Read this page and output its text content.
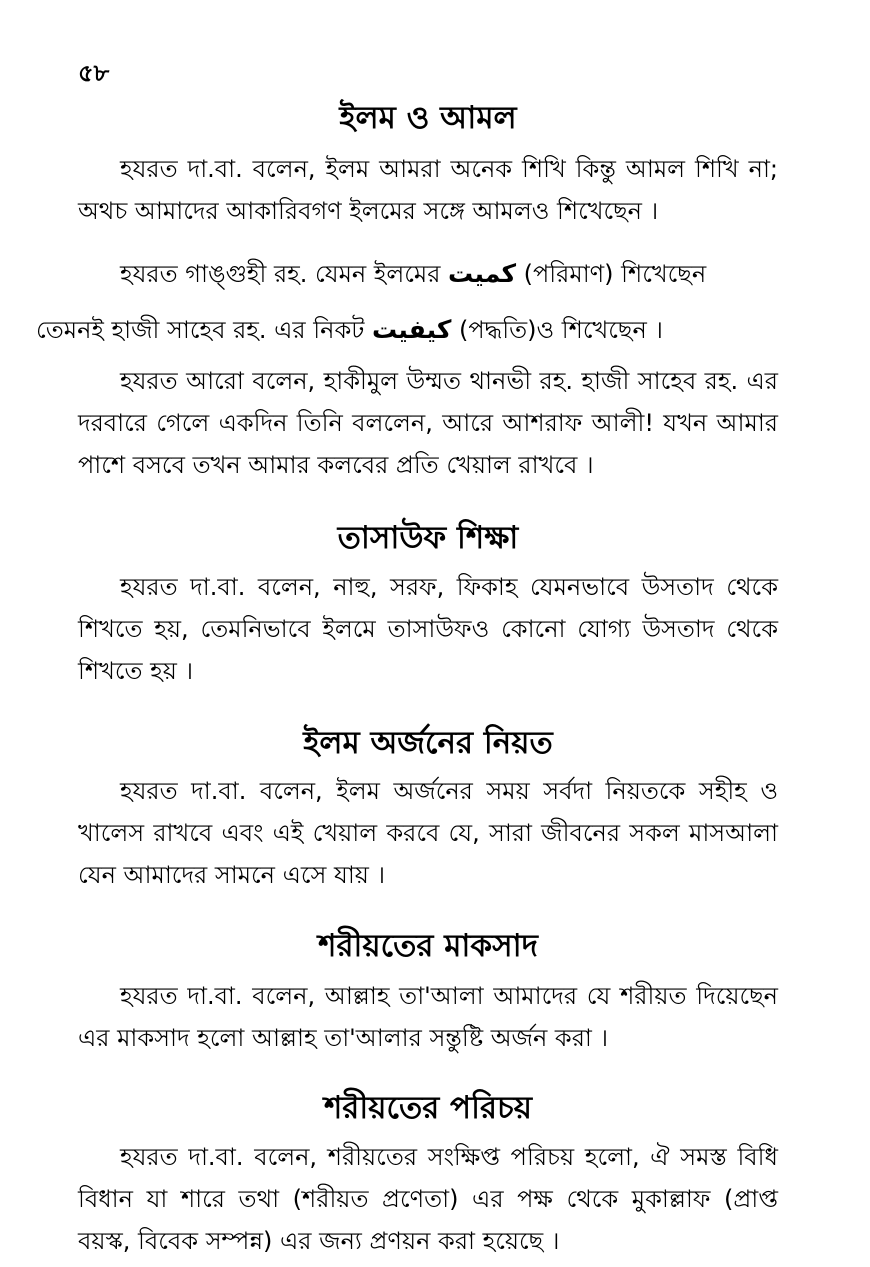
৫৮
ইলম ও আমল

হযরত দা.বা. বলেন, ইলম আমরা অনেক শিখি কিন্তু আমল শিখি না; অথচ আমাদের আকারিবগণ ইলমের সঙ্গে আমলও শিখেছেন ।

হযরত গাঙ্গুহী রহ. যেমন ইলমের كميت (পরিমাণ) শিখেছেন
তেমনই হাজী সাহেব রহ. এর নিকট كيفيت (পদ্ধতি)ও শিখেছেন ।

হযরত আরো বলেন, হাকীমুল উম্মত থানভী রহ. হাজী সাহেব রহ. এর দরবারে গেলে একদিন তিনি বললেন, আরে আশরাফ আলী! যখন আমার পাশে বসবে তখন আমার কলবের প্রতি খেয়াল রাখবে ।

তাসাউফ শিক্ষা

হযরত দা.বা. বলেন, নাহু, সরফ, ফিকাহ যেমনভাবে উসতাদ থেকে শিখতে হয়, তেমনিভাবে ইলমে তাসাউফও কোনো যোগ্য উসতাদ থেকে শিখতে হয় ।

ইলম অর্জনের নিয়ত

হযরত দা.বা. বলেন, ইলম অর্জনের সময় সর্বদা নিয়তকে সহীহ ও খালেস রাখবে এবং এই খেয়াল করবে যে, সারা জীবনের সকল মাসআলা যেন আমাদের সামনে এসে যায় ।

শরীয়তের মাকসাদ

হযরত দা.বা. বলেন, আল্লাহ তা'আলা আমাদের যে শরীয়ত দিয়েছেন এর মাকসাদ হলো আল্লাহ তা'আলার সন্তুষ্টি অর্জন করা ।

শরীয়তের পরিচয়

হযরত দা.বা. বলেন, শরীয়তের সংক্ষিপ্ত পরিচয় হলো, ঐ সমস্ত বিধি বিধান যা শারে তথা (শরীয়ত প্রণেতা) এর পক্ষ থেকে মুকাল্লাফ (প্রাপ্ত বয়স্ক, বিবেক সম্পন্ন) এর জন্য প্রণয়ন করা হয়েছে ।
